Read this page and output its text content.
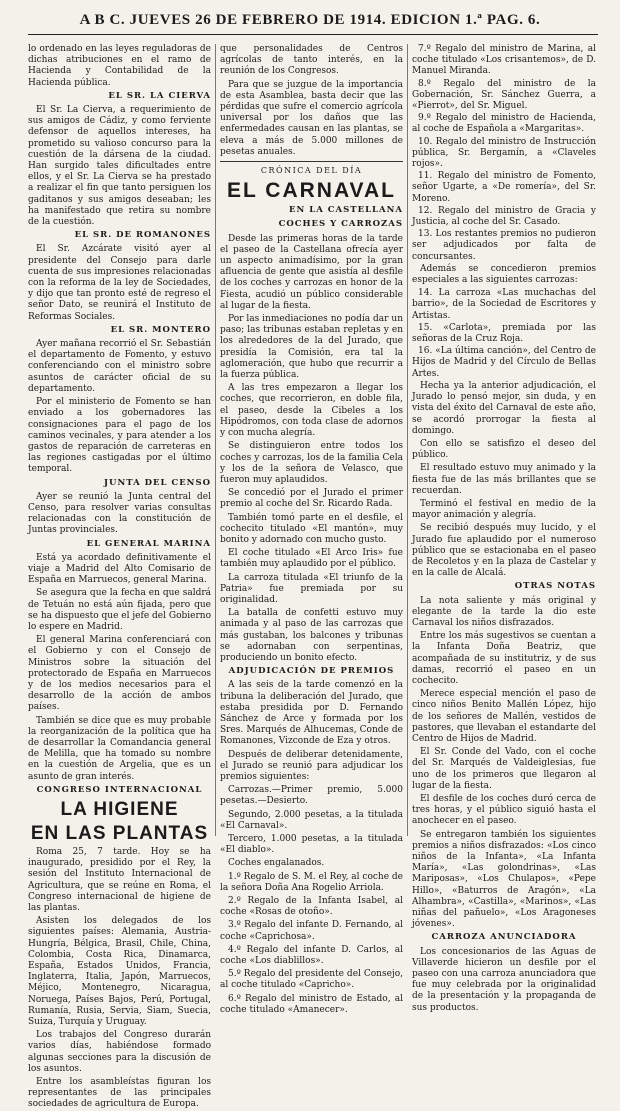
A B C. JUEVES 26 DE FEBRERO DE 1914. EDICION 1.ª PAG. 6.

lo ordenado en las leyes reguladoras de dichas atribuciones en el ramo de Hacienda y Contabilidad de la Hacienda pública.

EL SR. LA CIERVA

El Sr. La Cierva, a requerimiento de sus amigos de Cádiz, y como ferviente defensor de aquellos intereses, ha prometido su valioso concurso para la cuestión de la dársena de la ciudad. Han surgido tales dificultades entre ellos, y el Sr. La Cierva se ha prestado a realizar el fin que tanto persiguen los gaditanos y sus amigos deseaban; les ha manifestado que retira su nombre de la cuestión.

EL SR. DE ROMANONES

El Sr. Azcárate visitó ayer al presidente del Consejo para darle cuenta de sus impresiones relacionadas con la reforma de la ley de Sociedades, y dijo que tan pronto esté de regreso el señor Dato, se reunirá el Instituto de Reformas Sociales.

EL SR. MONTERO

Ayer mañana recorrió el Sr. Sebastián el departamento de Fomento, y estuvo conferenciando con el ministro sobre asuntos de carácter oficial de su departamento.

Por el ministerio de Fomento se han enviado a los gobernadores las consignaciones para el pago de los caminos vecinales, y para atender a los gastos de reparación de carreteras en las regiones castigadas por el último temporal.

JUNTA DEL CENSO

Ayer se reunió la Junta central del Censo, para resolver varias consultas relacionadas con la constitución de Juntas provinciales.

EL GENERAL MARINA

Está ya acordado definitivamente el viaje a Madrid del Alto Comisario de España en Marruecos, general Marina.

Se asegura que la fecha en que saldrá de Tetuán no está aún fijada, pero que se ha dispuesto que el jefe del Gobierno lo espere en Madrid.

El general Marina conferenciará con el Gobierno y con el Consejo de Ministros sobre la situación del protectorado de España en Marruecos y de los medios necesarios para el desarrollo de la acción de ambos países.

También se dice que es muy probable la reorganización de la política que ha de desarrollar la Comandancia general de Melilla, que ha tomado su nombre en la cuestión de Argelia, que es un asunto de gran interés.

CONGRESO INTERNACIONAL
LA HIGIENE
EN LAS PLANTAS

Roma 25, 7 tarde. Hoy se ha inaugurado, presidido por el Rey, la sesión del Instituto Internacional de Agricultura, que se reúne en Roma, el Congreso internacional de higiene de las plantas.

Asisten los delegados de los siguientes países: Alemania, Austria-Hungría, Bélgica, Brasil, Chile, China, Colombia, Costa Rica, Dinamarca, España, Estados Unidos, Francia, Inglaterra, Italia, Japón, Marruecos, Méjico, Montenegro, Nicaragua, Noruega, Países Bajos, Perú, Portugal, Rumanía, Rusia, Servia, Siam, Suecia, Suiza, Turquía y Uruguay.

Los trabajos del Congreso durarán varios días, habiéndose formado algunas secciones para la discusión de los asuntos.

Entre los asambleístas figuran los representantes de las principales sociedades de agricultura de Europa.

que personalidades de Centros agrícolas de tanto interés, en la reunión de los Congresos.

Para que se juzgue de la importancia de esta Asamblea, basta decir que las pérdidas que sufre el comercio agrícola universal por los daños que las enfermedades causan en las plantas, se eleva a más de 5.000 millones de pesetas anuales.

CRÓNICA DEL DÍA
EL CARNAVAL
EN LA CASTELLANA
COCHES Y CARROZAS

Desde las primeras horas de la tarde el paseo de la Castellana ofrecía ayer un aspecto animadísimo, por la gran afluencia de gente que asistía al desfile de los coches y carrozas en honor de la Fiesta, acudió un público considerable al lugar de la fiesta.

Por las inmediaciones no podía dar un paso; las tribunas estaban repletas y en los alrededores de la del Jurado, que presidía la Comisión, era tal la aglomeración, que hubo que recurrir a la fuerza pública.

A las tres empezaron a llegar los coches, que recorrieron, en doble fila, el paseo, desde la Cibeles a los Hipódromos, con toda clase de adornos y con mucha alegría.

Se distinguieron entre todos los coches y carrozas, los de la familia Cela y los de la señora de Velasco, que fueron muy aplaudidos.

Se concedió por el Jurado el primer premio al coche del Sr. Ricardo Rada.

También tomó parte en el desfile, el cochecito titulado «El mantón», muy bonito y adornado con mucho gusto.

El coche titulado «El Arco Iris» fue también muy aplaudido por el público.

La carroza titulada «El triunfo de la Patria» fue premiada por su originalidad.

La batalla de confetti estuvo muy animada y al paso de las carrozas que más gustaban, los balcones y tribunas se adornaban con serpentinas, produciendo un bonito efecto.

ADJUDICACIÓN DE PREMIOS

A las seis de la tarde comenzó en la tribuna la deliberación del Jurado, que estaba presidida por D. Fernando Sánchez de Arce y formada por los Sres. Marqués de Alhucemas, Conde de Romanones, Vizconde de Eza y otros.

Después de deliberar detenidamente, el Jurado se reunió para adjudicar los premios siguientes:

Carrozas.—Primer premio, 5.000 pesetas.—Desierto.

Segundo, 2.000 pesetas, a la titulada «El Carnaval».

Tercero, 1.000 pesetas, a la titulada «El diablo».

Coches engalanados.

1.º Regalo de S. M. el Rey, al coche de la señora Doña Ana Rogelio Arriola.

2.º Regalo de la Infanta Isabel, al coche «Rosas de otoño».

3.º Regalo del infante D. Fernando, al coche «Caprichosa».

4.º Regalo del infante D. Carlos, al coche «Los diablillos».

5.º Regalo del presidente del Consejo, al coche titulado «Capricho».

6.º Regalo del ministro de Estado, al coche titulado «Amanecer».

7.º Regalo del ministro de Marina, al coche titulado «Los crisantemos», de D. Manuel Miranda.

8.º Regalo del ministro de la Gobernación, Sr. Sánchez Guerra, a «Pierrot», del Sr. Miguel.

9.º Regalo del ministro de Hacienda, al coche de Española a «Margaritas».

10. Regalo del ministro de Instrucción pública, Sr. Bergamín, a «Claveles rojos».

11. Regalo del ministro de Fomento, señor Ugarte, a «De romería», del Sr. Moreno.

12. Regalo del ministro de Gracia y Justicia, al coche del Sr. Casado.

13. Los restantes premios no pudieron ser adjudicados por falta de concursantes.

Además se concedieron premios especiales a las siguientes carrozas:

14. La carroza «Las muchachas del barrio», de la Sociedad de Escritores y Artistas.

15. «Carlota», premiada por las señoras de la Cruz Roja.

16. «La última canción», del Centro de Hijos de Madrid y del Círculo de Bellas Artes.

Hecha ya la anterior adjudicación, el Jurado lo pensó mejor, sin duda, y en vista del éxito del Carnaval de este año, se acordó prorrogar la fiesta al domingo.

Con ello se satisfizo el deseo del público.

El resultado estuvo muy animado y la fiesta fue de las más brillantes que se recuerdan.

Terminó el festival en medio de la mayor animación y alegría.

Se recibió después muy lucido, y el Jurado fue aplaudido por el numeroso público que se estacionaba en el paseo de Recoletos y en la plaza de Castelar y en la calle de Alcalá.

OTRAS NOTAS

La nota saliente y más original y elegante de la tarde la dio este Carnaval los niños disfrazados.

Entre los más sugestivos se cuentan a la Infanta Doña Beatriz, que acompañada de su institutriz, y de sus damas, recorrió el paseo en un cochecito.

Merece especial mención el paso de cinco niños Benito Mallén López, hijo de los señores de Mallén, vestidos de pastores, que llevaban el estandarte del Centro de Hijos de Madrid.

El Sr. Conde del Vado, con el coche del Sr. Marqués de Valdeiglesias, fue uno de los primeros que llegaron al lugar de la fiesta.

El desfile de los coches duró cerca de tres horas, y el público siguió hasta el anochecer en el paseo.

Se entregaron también los siguientes premios a niños disfrazados: «Los cinco niños de la Infanta», «La Infanta María», «Las golondrinas», «Las Mariposas», «Los Chulapos», «Pepe Hillo», «Baturros de Aragón», «La Alhambra», «Castilla», «Marinos», «Las niñas del pañuelo», «Los Aragoneses jóvenes».

CARROZA ANUNCIADORA

Los concesionarios de las Aguas de Villaverde hicieron un desfile por el paseo con una carroza anunciadora que fue muy celebrada por la originalidad de la presentación y la propaganda de sus productos.
